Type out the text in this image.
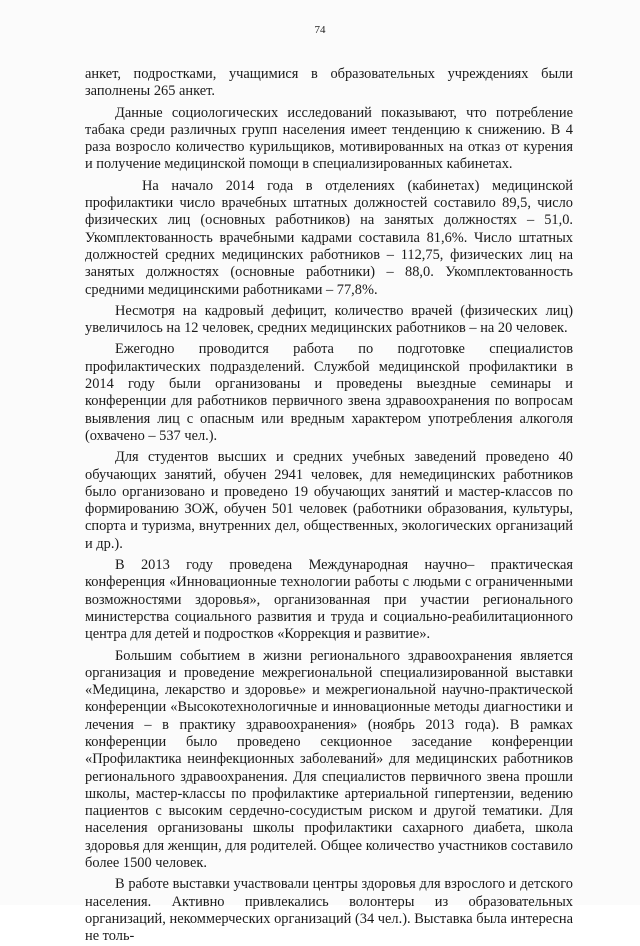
74

анкет, подростками, учащимися в образовательных учреждениях были заполнены 265 анкет.

Данные социологических исследований показывают, что потребление табака среди различных групп населения имеет тенденцию к снижению. В 4 раза возросло количество курильщиков, мотивированных на отказ от курения и получение медицинской помощи в специализированных кабинетах.

На начало 2014 года в отделениях (кабинетах) медицинской профилактики число врачебных штатных должностей составило 89,5, число физических лиц (основных работников) на занятых должностях – 51,0. Укомплектованность врачебными кадрами составила 81,6%. Число штатных должностей средних медицинских работников – 112,75, физических лиц на занятых должностях (основные работники) – 88,0. Укомплектованность средними медицинскими работниками – 77,8%.

Несмотря на кадровый дефицит, количество врачей (физических лиц) увеличилось на 12 человек, средних медицинских работников – на 20 человек.

Ежегодно проводится работа по подготовке специалистов профилактических подразделений. Службой медицинской профилактики в 2014 году были организованы и проведены выездные семинары и конференции для работников первичного звена здравоохранения по вопросам выявления лиц с опасным или вредным характером употребления алкоголя (охвачено – 537 чел.).

Для студентов высших и средних учебных заведений проведено 40 обучающих занятий, обучен 2941 человек, для немедицинских работников было организовано и проведено 19 обучающих занятий и мастер-классов по формированию ЗОЖ, обучен 501 человек (работники образования, культуры, спорта и туризма, внутренних дел, общественных, экологических организаций и др.).

В 2013 году проведена Международная научно– практическая конференция «Инновационные технологии работы с людьми с ограниченными возможностями здоровья», организованная при участии регионального министерства социального развития и труда и социально-реабилитационного центра для детей и подростков «Коррекция и развитие».

Большим событием в жизни регионального здравоохранения является организация и проведение межрегиональной специализированной выставки «Медицина, лекарство и здоровье» и межрегиональной научно-практической конференции «Высокотехнологичные и инновационные методы диагностики и лечения – в практику здравоохранения» (ноябрь 2013 года). В рамках конференции было проведено секционное заседание конференции «Профилактика неинфекционных заболеваний» для медицинских работников регионального здравоохранения. Для специалистов первичного звена прошли школы, мастер-классы по профилактике артериальной гипертензии, ведению пациентов с высоким сердечно-сосудистым риском и другой тематики. Для населения организованы школы профилактики сахарного диабета, школа здоровья для женщин, для родителей. Общее количество участников составило более 1500 человек.

В работе выставки участвовали центры здоровья для взрослого и детского населения. Активно привлекались волонтеры из образовательных организаций, некоммерческих организаций (34 чел.). Выставка была интересна не толь-
